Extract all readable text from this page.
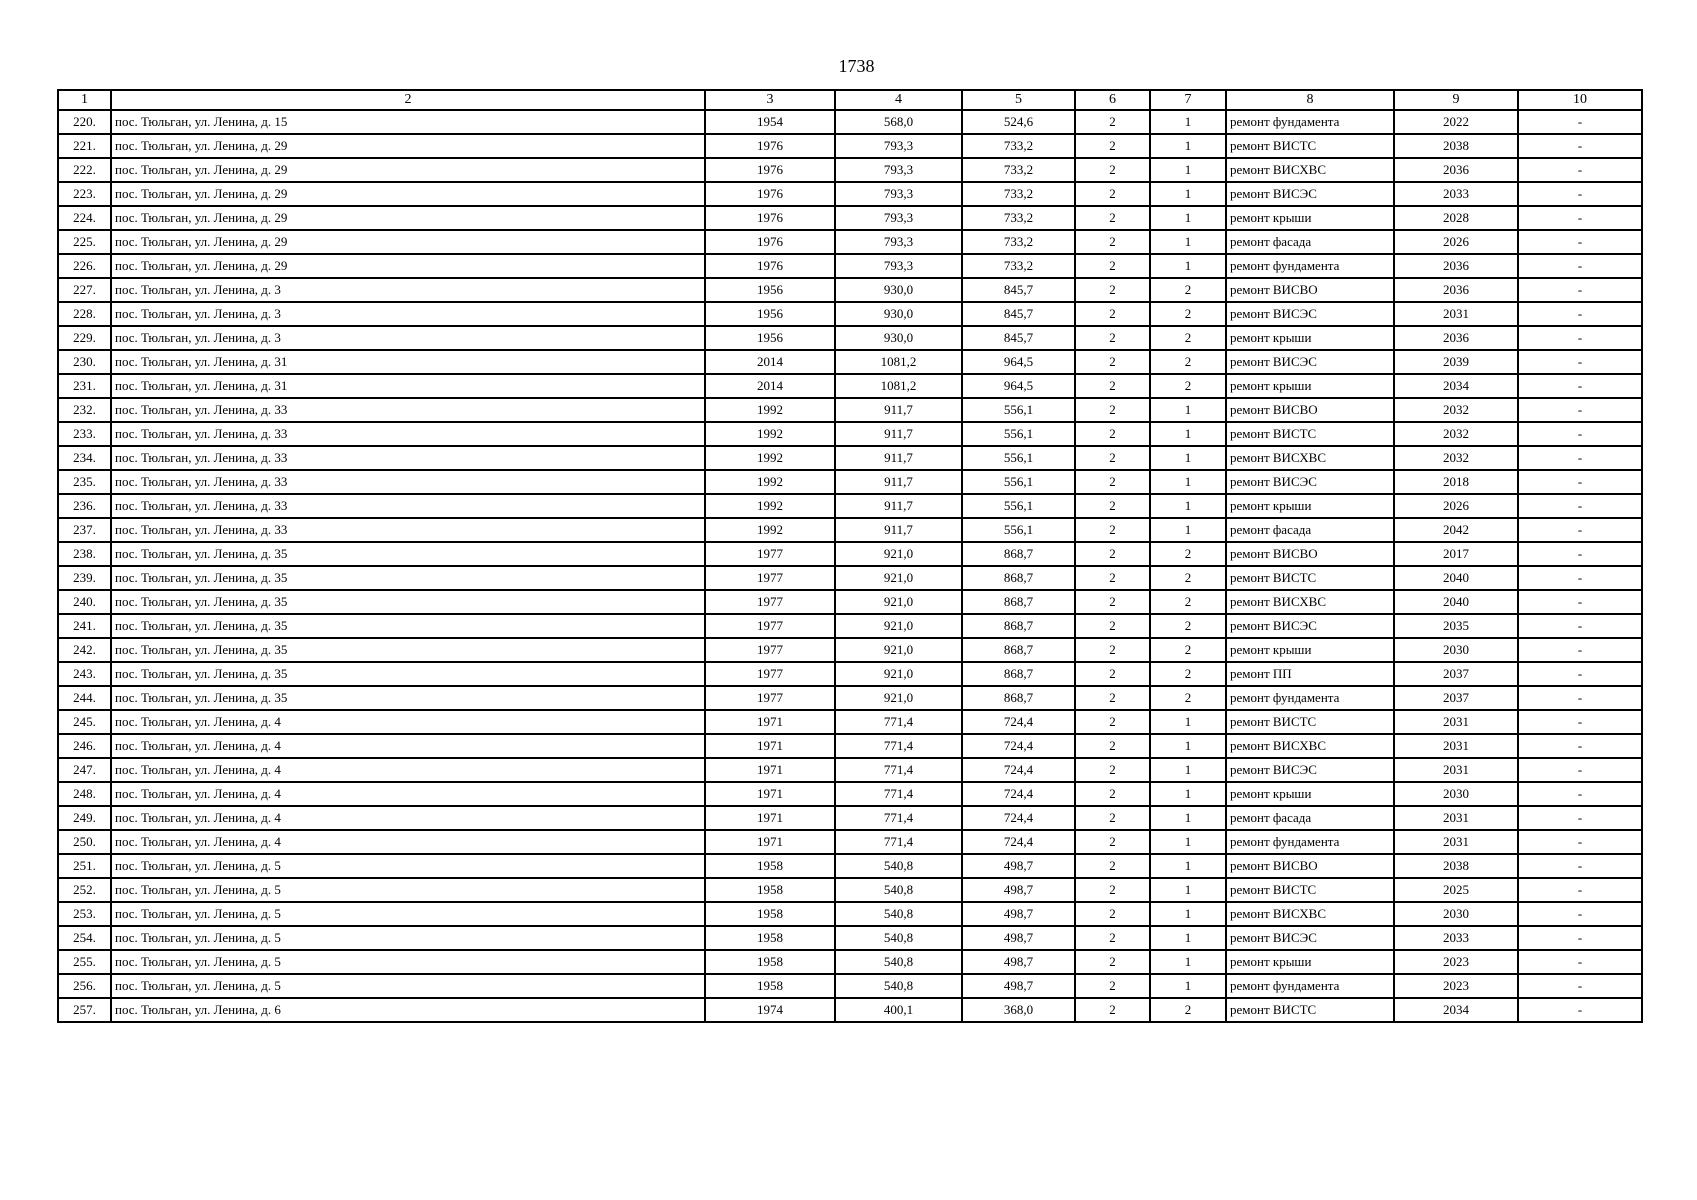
1738
1	2	3	4	5	6	7	8	9	10
220.	пос. Тюльган, ул. Ленина, д. 15	1954	568,0	524,6	2	1	ремонт фундамента	2022	-
221.	пос. Тюльган, ул. Ленина, д. 29	1976	793,3	733,2	2	1	ремонт ВИСТС	2038	-
222.	пос. Тюльган, ул. Ленина, д. 29	1976	793,3	733,2	2	1	ремонт ВИСХВС	2036	-
223.	пос. Тюльган, ул. Ленина, д. 29	1976	793,3	733,2	2	1	ремонт ВИСЭС	2033	-
224.	пос. Тюльган, ул. Ленина, д. 29	1976	793,3	733,2	2	1	ремонт крыши	2028	-
225.	пос. Тюльган, ул. Ленина, д. 29	1976	793,3	733,2	2	1	ремонт фасада	2026	-
226.	пос. Тюльган, ул. Ленина, д. 29	1976	793,3	733,2	2	1	ремонт фундамента	2036	-
227.	пос. Тюльган, ул. Ленина, д. 3	1956	930,0	845,7	2	2	ремонт ВИСВО	2036	-
228.	пос. Тюльган, ул. Ленина, д. 3	1956	930,0	845,7	2	2	ремонт ВИСЭС	2031	-
229.	пос. Тюльган, ул. Ленина, д. 3	1956	930,0	845,7	2	2	ремонт крыши	2036	-
230.	пос. Тюльган, ул. Ленина, д. 31	2014	1081,2	964,5	2	2	ремонт ВИСЭС	2039	-
231.	пос. Тюльган, ул. Ленина, д. 31	2014	1081,2	964,5	2	2	ремонт крыши	2034	-
232.	пос. Тюльган, ул. Ленина, д. 33	1992	911,7	556,1	2	1	ремонт ВИСВО	2032	-
233.	пос. Тюльган, ул. Ленина, д. 33	1992	911,7	556,1	2	1	ремонт ВИСТС	2032	-
234.	пос. Тюльган, ул. Ленина, д. 33	1992	911,7	556,1	2	1	ремонт ВИСХВС	2032	-
235.	пос. Тюльган, ул. Ленина, д. 33	1992	911,7	556,1	2	1	ремонт ВИСЭС	2018	-
236.	пос. Тюльган, ул. Ленина, д. 33	1992	911,7	556,1	2	1	ремонт крыши	2026	-
237.	пос. Тюльган, ул. Ленина, д. 33	1992	911,7	556,1	2	1	ремонт фасада	2042	-
238.	пос. Тюльган, ул. Ленина, д. 35	1977	921,0	868,7	2	2	ремонт ВИСВО	2017	-
239.	пос. Тюльган, ул. Ленина, д. 35	1977	921,0	868,7	2	2	ремонт ВИСТС	2040	-
240.	пос. Тюльган, ул. Ленина, д. 35	1977	921,0	868,7	2	2	ремонт ВИСХВС	2040	-
241.	пос. Тюльган, ул. Ленина, д. 35	1977	921,0	868,7	2	2	ремонт ВИСЭС	2035	-
242.	пос. Тюльган, ул. Ленина, д. 35	1977	921,0	868,7	2	2	ремонт крыши	2030	-
243.	пос. Тюльган, ул. Ленина, д. 35	1977	921,0	868,7	2	2	ремонт ПП	2037	-
244.	пос. Тюльган, ул. Ленина, д. 35	1977	921,0	868,7	2	2	ремонт фундамента	2037	-
245.	пос. Тюльган, ул. Ленина, д. 4	1971	771,4	724,4	2	1	ремонт ВИСТС	2031	-
246.	пос. Тюльган, ул. Ленина, д. 4	1971	771,4	724,4	2	1	ремонт ВИСХВС	2031	-
247.	пос. Тюльган, ул. Ленина, д. 4	1971	771,4	724,4	2	1	ремонт ВИСЭС	2031	-
248.	пос. Тюльган, ул. Ленина, д. 4	1971	771,4	724,4	2	1	ремонт крыши	2030	-
249.	пос. Тюльган, ул. Ленина, д. 4	1971	771,4	724,4	2	1	ремонт фасада	2031	-
250.	пос. Тюльган, ул. Ленина, д. 4	1971	771,4	724,4	2	1	ремонт фундамента	2031	-
251.	пос. Тюльган, ул. Ленина, д. 5	1958	540,8	498,7	2	1	ремонт ВИСВО	2038	-
252.	пос. Тюльган, ул. Ленина, д. 5	1958	540,8	498,7	2	1	ремонт ВИСТС	2025	-
253.	пос. Тюльган, ул. Ленина, д. 5	1958	540,8	498,7	2	1	ремонт ВИСХВС	2030	-
254.	пос. Тюльган, ул. Ленина, д. 5	1958	540,8	498,7	2	1	ремонт ВИСЭС	2033	-
255.	пос. Тюльган, ул. Ленина, д. 5	1958	540,8	498,7	2	1	ремонт крыши	2023	-
256.	пос. Тюльган, ул. Ленина, д. 5	1958	540,8	498,7	2	1	ремонт фундамента	2023	-
257.	пос. Тюльган, ул. Ленина, д. 6	1974	400,1	368,0	2	2	ремонт ВИСТС	2034	-
